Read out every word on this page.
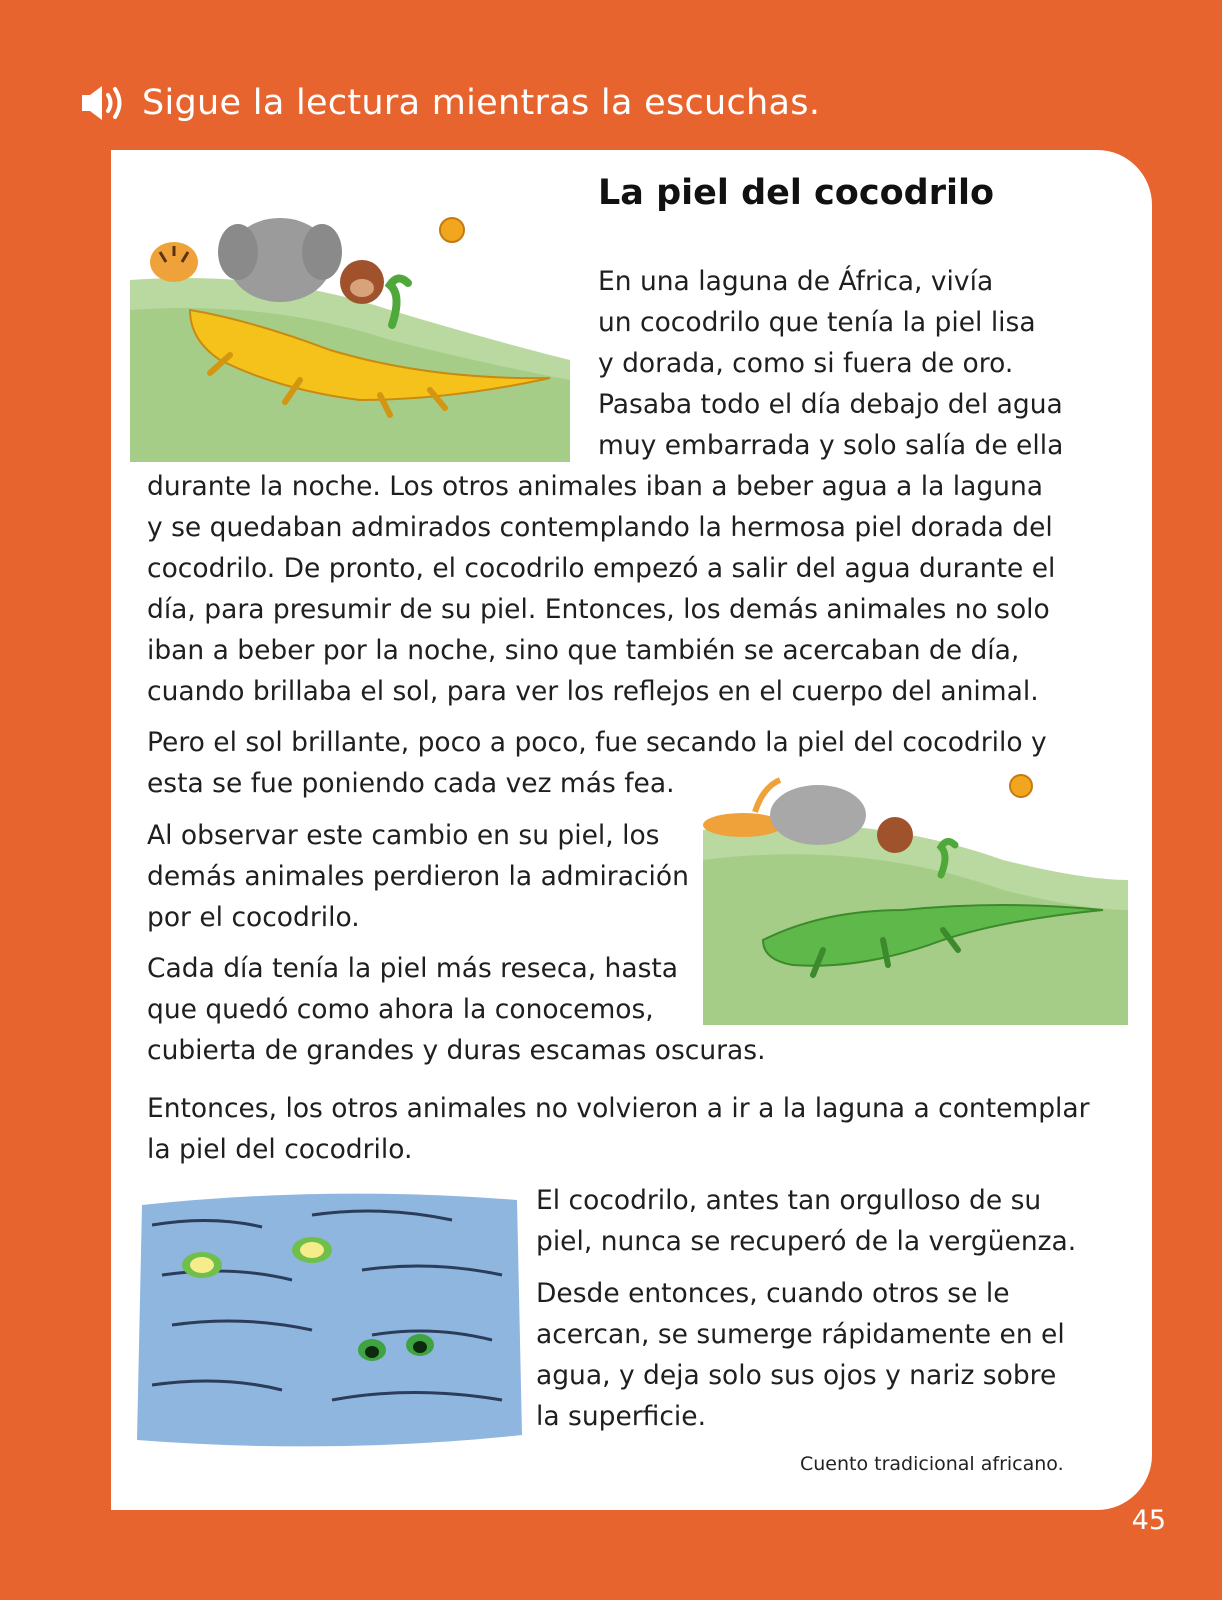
Sigue la lectura mientras la escuchas.
La piel del cocodrilo
En una laguna de África, vivía
un cocodrilo que tenía la piel lisa
y dorada, como si fuera de oro.
Pasaba todo el día debajo del agua
muy embarrada y solo salía de ella
durante la noche. Los otros animales iban a beber agua a la laguna
y se quedaban admirados contemplando la hermosa piel dorada del
cocodrilo. De pronto, el cocodrilo empezó a salir del agua durante el
día, para presumir de su piel. Entonces, los demás animales no solo
iban a beber por la noche, sino que también se acercaban de día,
cuando brillaba el sol, para ver los reflejos en el cuerpo del animal.
Pero el sol brillante, poco a poco, fue secando la piel del cocodrilo y
esta se fue poniendo cada vez más fea.
Al observar este cambio en su piel, los
demás animales perdieron la admiración
por el cocodrilo.
Cada día tenía la piel más reseca, hasta
que quedó como ahora la conocemos,
cubierta de grandes y duras escamas oscuras.
Entonces, los otros animales no volvieron a ir a la laguna a contemplar
la piel del cocodrilo.
El cocodrilo, antes tan orgulloso de su
piel, nunca se recuperó de la vergüenza.
Desde entonces, cuando otros se le
acercan, se sumerge rápidamente en el
agua, y deja solo sus ojos y nariz sobre
la superficie.
Cuento tradicional africano.
45
